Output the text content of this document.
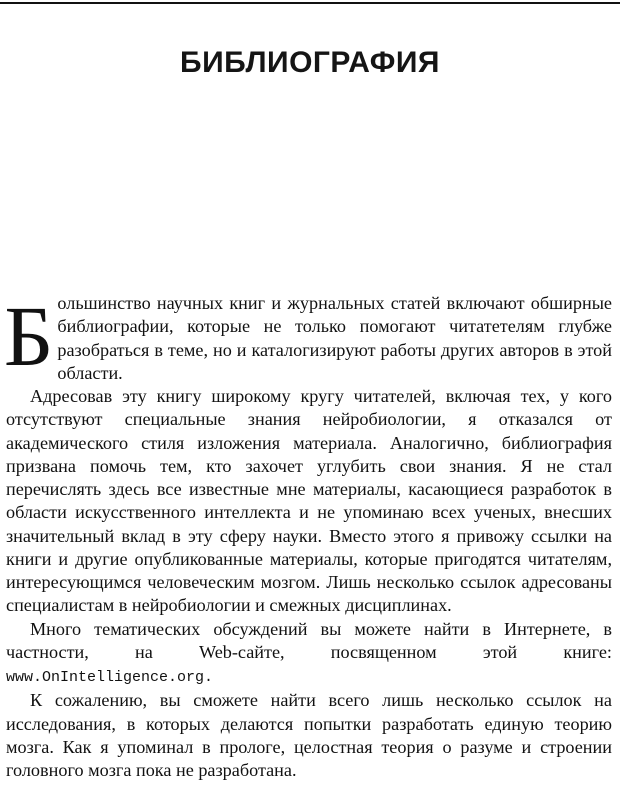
БИБЛИОГРАФИЯ

Большинство научных книг и журнальных статей включают обширные библиографии, которые не только помогают читатетелям глубже разобраться в теме, но и каталогизируют работы других авторов в этой области.

Адресовав эту книгу широкому кругу читателей, включая тех, у кого отсутствуют специальные знания нейробиологии, я отказался от академического стиля изложения материала. Аналогично, библиография призвана помочь тем, кто захочет углубить свои знания. Я не стал перечислять здесь все известные мне материалы, касающиеся разработок в области искусственного интеллекта и не упоминаю всех ученых, внесших значительный вклад в эту сферу науки. Вместо этого я привожу ссылки на книги и другие опубликованные материалы, которые пригодятся читателям, интересующимся человеческим мозгом. Лишь несколько ссылок адресованы специалистам в нейробиологии и смежных дисциплинах.

Много тематических обсуждений вы можете найти в Интернете, в частности, на Web-сайте, посвященном этой книге: www.OnIntelligence.org.

К сожалению, вы сможете найти всего лишь несколько ссылок на исследования, в которых делаются попытки разработать единую теорию мозга. Как я упоминал в прологе, целостная теория о разуме и строении головного мозга пока не разработана.
